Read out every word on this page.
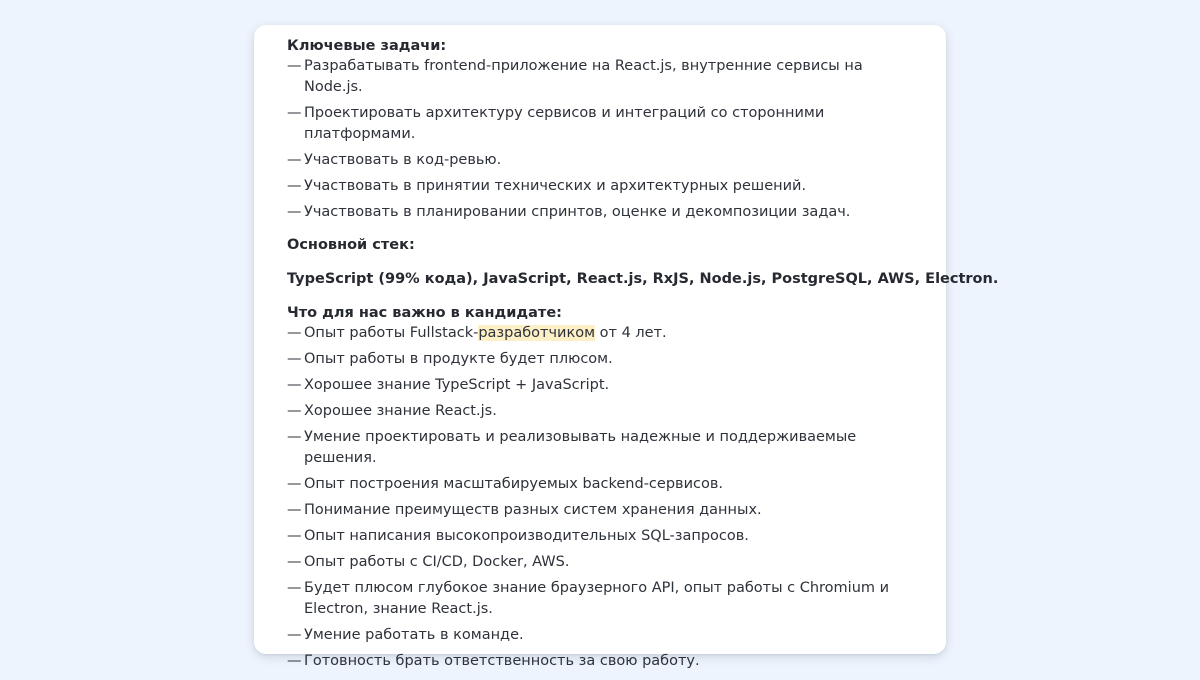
Ключевые задачи:

— Разрабатывать frontend-приложение на React.js, внутренние сервисы на Node.js.
— Проектировать архитектуру сервисов и интеграций со сторонними платформами.
— Участвовать в код-ревью.
— Участвовать в принятии технических и архитектурных решений.
— Участвовать в планировании спринтов, оценке и декомпозиции задач.

Основной стек:

TypeScript (99% кода), JavaScript, React.js, RxJS, Node.js, PostgreSQL, AWS, Electron.

Что для нас важно в кандидате:

— Опыт работы Fullstack-разработчиком от 4 лет.
— Опыт работы в продукте будет плюсом.
— Хорошее знание TypeScript + JavaScript.
— Хорошее знание React.js.
— Умение проектировать и реализовывать надежные и поддерживаемые решения.
— Опыт построения масштабируемых backend-сервисов.
— Понимание преимуществ разных систем хранения данных.
— Опыт написания высокопроизводительных SQL-запросов.
— Опыт работы с CI/CD, Docker, AWS.
— Будет плюсом глубокое знание браузерного API, опыт работы с Chromium и Electron, знание React.js.
— Умение работать в команде.
— Готовность брать ответственность за свою работу.
